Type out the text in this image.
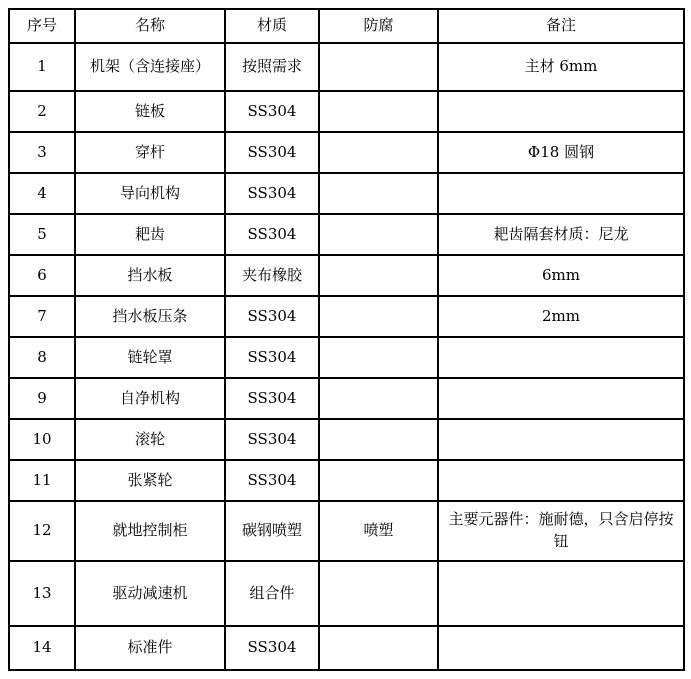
序号	名称	材质	防腐	备注
1	机架（含连接座）	按照需求		主材 6mm
2	链板	SS304		
3	穿杆	SS304		Φ18 圆钢
4	导向机构	SS304		
5	耙齿	SS304		耙齿隔套材质：尼龙
6	挡水板	夹布橡胶		6mm
7	挡水板压条	SS304		2mm
8	链轮罩	SS304		
9	自净机构	SS304		
10	滚轮	SS304		
11	张紧轮	SS304		
12	就地控制柜	碳钢喷塑	喷塑	主要元器件：施耐德，只含启停按钮
13	驱动减速机	组合件		
14	标准件	SS304		
